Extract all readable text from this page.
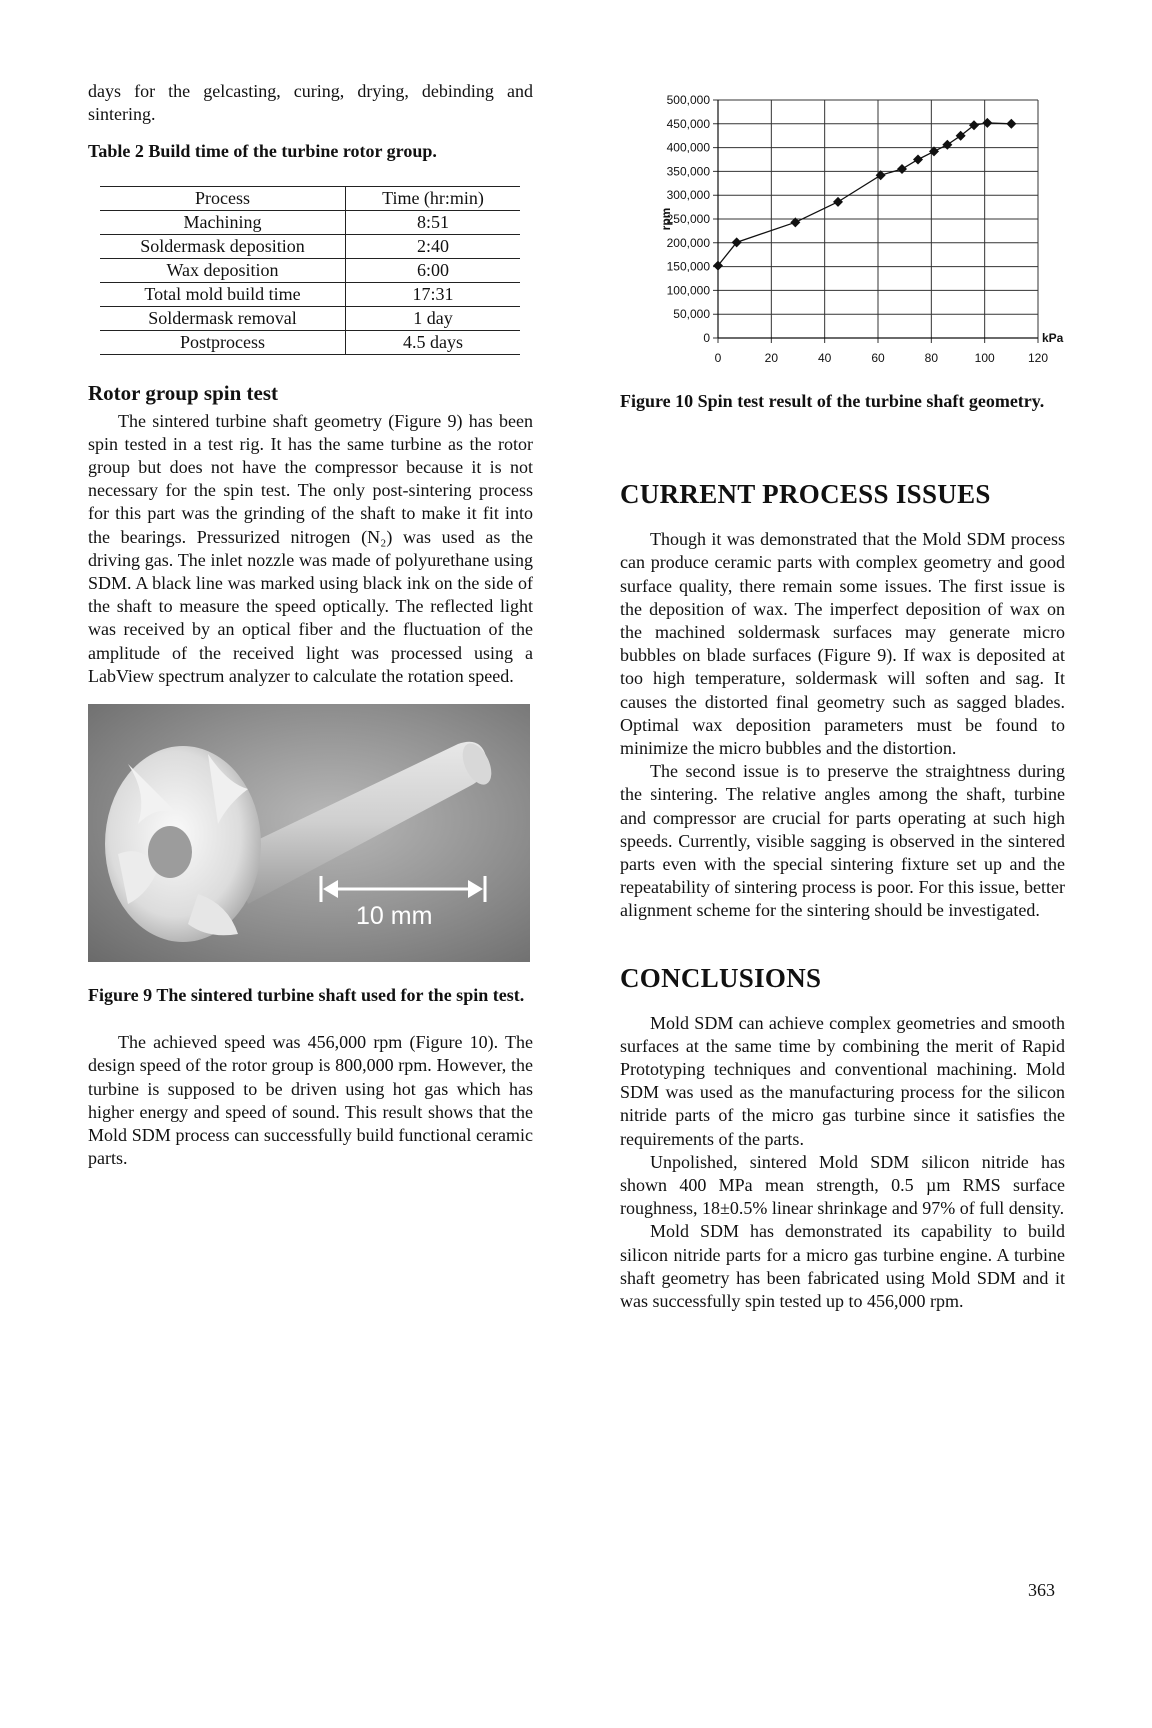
days for the gelcasting, curing, drying, debinding and sintering.

Table 2 Build time of the turbine rotor group.

Process	Time (hr:min)
Machining	8:51
Soldermask deposition	2:40
Wax deposition	6:00
Total mold build time	17:31
Soldermask removal	1 day
Postprocess	4.5 days
Rotor group spin test

The sintered turbine shaft geometry (Figure 9) has been spin tested in a test rig. It has the same turbine as the rotor group but does not have the compressor because it is not necessary for the spin test. The only post-sintering process for this part was the grinding of the shaft to make it fit into the bearings. Pressurized nitrogen (N₂) was used as the driving gas. The inlet nozzle was made of polyurethane using SDM. A black line was marked using black ink on the side of the shaft to measure the speed optically. The reflected light was received by an optical fiber and the fluctuation of the amplitude of the received light was processed using a LabView spectrum analyzer to calculate the rotation speed.

10 mm

Figure 9 The sintered turbine shaft used for the spin test.

The achieved speed was 456,000 rpm (Figure 10). The design speed of the rotor group is 800,000 rpm. However, the turbine is supposed to be driven using hot gas which has higher energy and speed of sound. This result shows that the Mold SDM process can successfully build functional ceramic parts.

0
50,000
100,000
150,000
200,000
250,000
300,000
350,000
400,000
450,000
500,000
0	20	40	60	80	100	120
rpm
kPa

Figure 10 Spin test result of the turbine shaft geometry.

CURRENT PROCESS ISSUES

Though it was demonstrated that the Mold SDM process can produce ceramic parts with complex geometry and good surface quality, there remain some issues. The first issue is the deposition of wax. The imperfect deposition of wax on the machined soldermask surfaces may generate micro bubbles on blade surfaces (Figure 9). If wax is deposited at too high temperature, soldermask will soften and sag. It causes the distorted final geometry such as sagged blades. Optimal wax deposition parameters must be found to minimize the micro bubbles and the distortion.

The second issue is to preserve the straightness during the sintering. The relative angles among the shaft, turbine and compressor are crucial for parts operating at such high speeds. Currently, visible sagging is observed in the sintered parts even with the special sintering fixture set up and the repeatability of sintering process is poor. For this issue, better alignment scheme for the sintering should be investigated.

CONCLUSIONS

Mold SDM can achieve complex geometries and smooth surfaces at the same time by combining the merit of Rapid Prototyping techniques and conventional machining. Mold SDM was used as the manufacturing process for the silicon nitride parts of the micro gas turbine since it satisfies the requirements of the parts.

Unpolished, sintered Mold SDM silicon nitride has shown 400 MPa mean strength, 0.5 µm RMS surface roughness, 18±0.5% linear shrinkage and 97% of full density.

Mold SDM has demonstrated its capability to build silicon nitride parts for a micro gas turbine engine. A turbine shaft geometry has been fabricated using Mold SDM and it was successfully spin tested up to 456,000 rpm.

363
